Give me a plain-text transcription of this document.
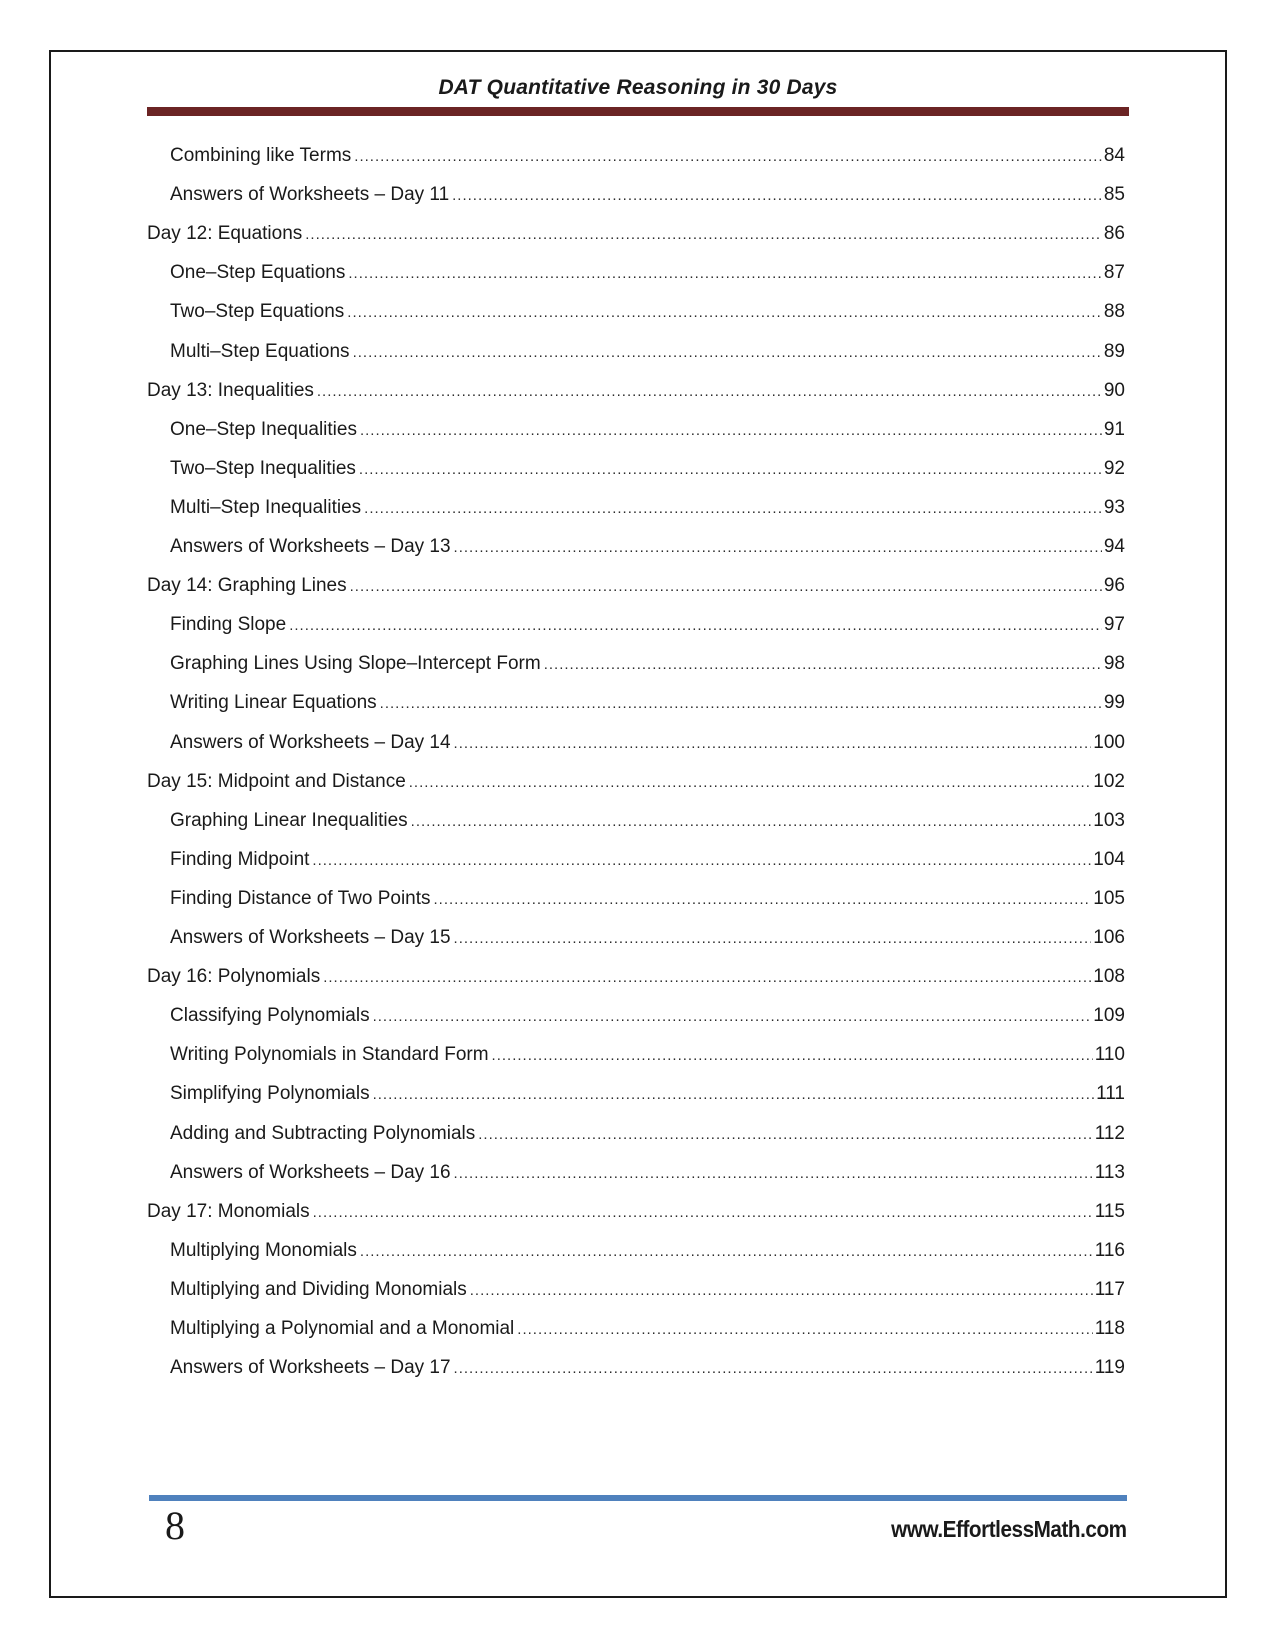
DAT Quantitative Reasoning in 30 Days
Combining like Terms .....	84
Answers of Worksheets – Day 11 .....	85
Day 12: Equations .....	86
One–Step Equations .....	87
Two–Step Equations .....	88
Multi–Step Equations .....	89
Day 13: Inequalities .....	90
One–Step Inequalities .....	91
Two–Step Inequalities .....	92
Multi–Step Inequalities .....	93
Answers of Worksheets – Day 13 .....	94
Day 14: Graphing Lines .....	96
Finding Slope .....	97
Graphing Lines Using Slope–Intercept Form .....	98
Writing Linear Equations .....	99
Answers of Worksheets – Day 14 .....	100
Day 15: Midpoint and Distance .....	102
Graphing Linear Inequalities .....	103
Finding Midpoint .....	104
Finding Distance of Two Points .....	105
Answers of Worksheets – Day 15 .....	106
Day 16: Polynomials .....	108
Classifying Polynomials .....	109
Writing Polynomials in Standard Form .....	110
Simplifying Polynomials .....	111
Adding and Subtracting Polynomials .....	112
Answers of Worksheets – Day 16 .....	113
Day 17: Monomials .....	115
Multiplying Monomials .....	116
Multiplying and Dividing Monomials .....	117
Multiplying a Polynomial and a Monomial .....	118
Answers of Worksheets – Day 17 .....	119
8	www.EffortlessMath.com
